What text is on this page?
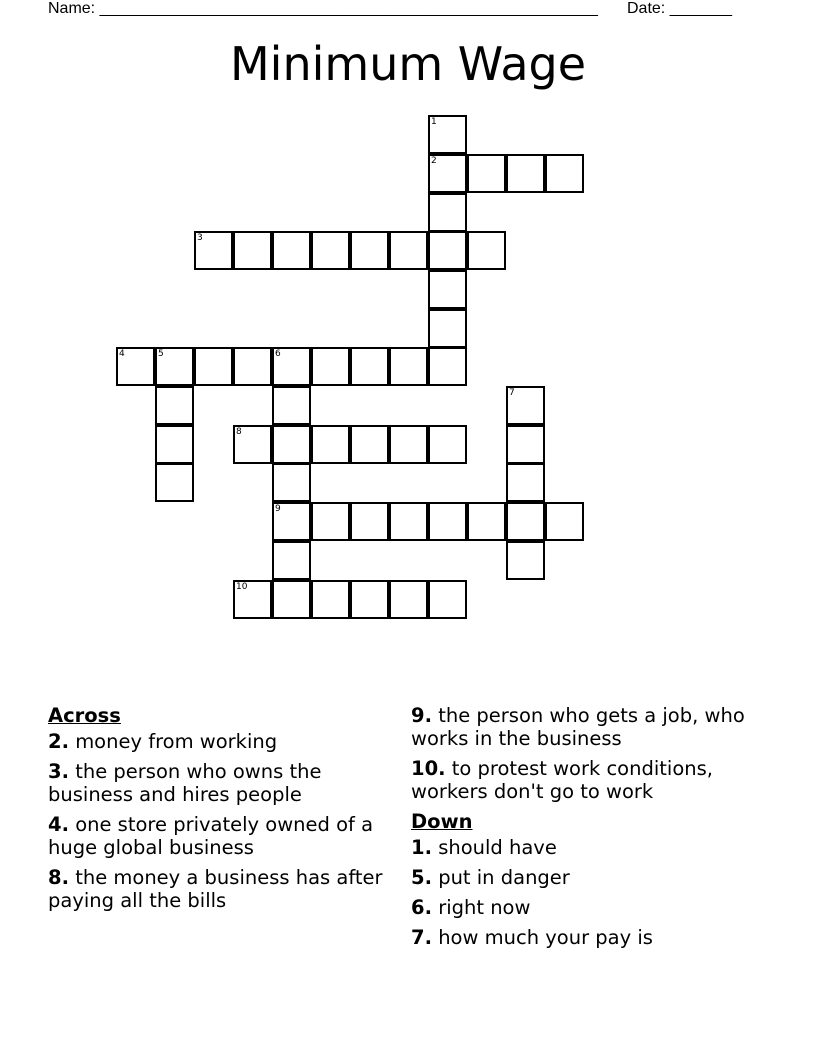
Name: ________________________________________________________ Date: _______
Minimum Wage
1
2
3
4	5	6
7
8
9
10
Across
2. money from working
3. the person who owns the business and hires people
4. one store privately owned of a huge global business
8. the money a business has after paying all the bills
9. the person who gets a job, who works in the business
10. to protest work conditions, workers don't go to work
Down
1. should have
5. put in danger
6. right now
7. how much your pay is
